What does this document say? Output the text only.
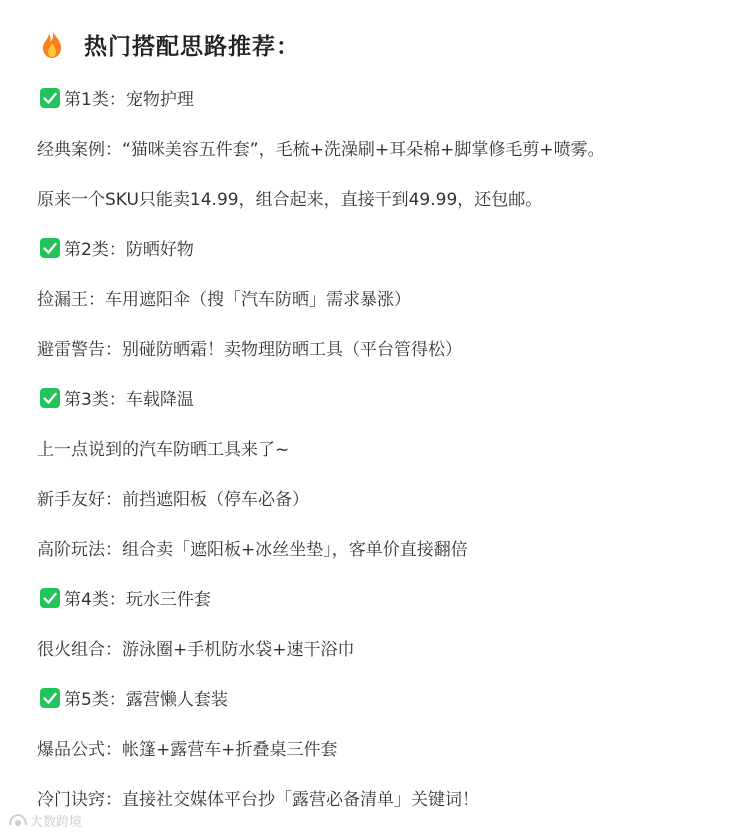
热门搭配思路推荐：
第1类：宠物护理
经典案例：“猫咪美容五件套”，毛梳+洗澡刷+耳朵棉+脚掌修毛剪+喷雾。
原来一个SKU只能卖14.99，组合起来，直接干到49.99，还包邮。
第2类：防晒好物
捡漏王：车用遮阳伞（搜「汽车防晒」需求暴涨）
避雷警告：别碰防晒霜！卖物理防晒工具（平台管得松）
第3类：车载降温
上一点说到的汽车防晒工具来了~
新手友好：前挡遮阳板（停车必备）
高阶玩法：组合卖「遮阳板+冰丝坐垫」，客单价直接翻倍
第4类：玩水三件套
很火组合：游泳圈+手机防水袋+速干浴巾
第5类：露营懒人套装
爆品公式：帐篷+露营车+折叠桌三件套
冷门诀窍：直接社交媒体平台抄「露营必备清单」关键词！
大数跨境
